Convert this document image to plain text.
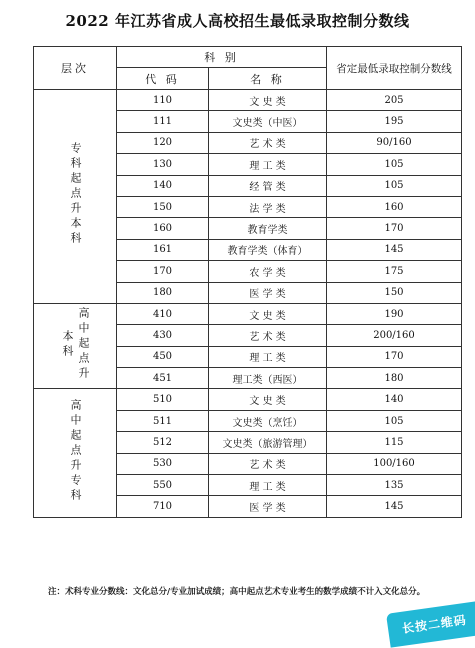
2022 年江苏省成人高校招生最低录取控制分数线
层次	科 别		省定最低录取控制分数线
	代 码	名 称	
专科起点升本科	110	文 史 类	205
	111	文史类（中医）	195
	120	艺 术 类	90/160
	130	理 工 类	105
	140	经 管 类	105
	150	法 学 类	160
	160	教育学类	170
	161	教育学类（体育）	145
	170	农 学 类	175
	180	医 学 类	150
高中起点升本科	410	文 史 类	190
	430	艺 术 类	200/160
	450	理 工 类	170
	451	理工类（西医）	180
高中起点升专科	510	文 史 类	140
	511	文史类（烹饪）	105
	512	文史类（旅游管理）	115
	530	艺 术 类	100/160
	550	理 工 类	135
	710	医 学 类	145
注：术科专业分数线：文化总分/专业加试成绩；高中起点艺术专业考生的数学成绩不计入文化总分。
长按二维码
